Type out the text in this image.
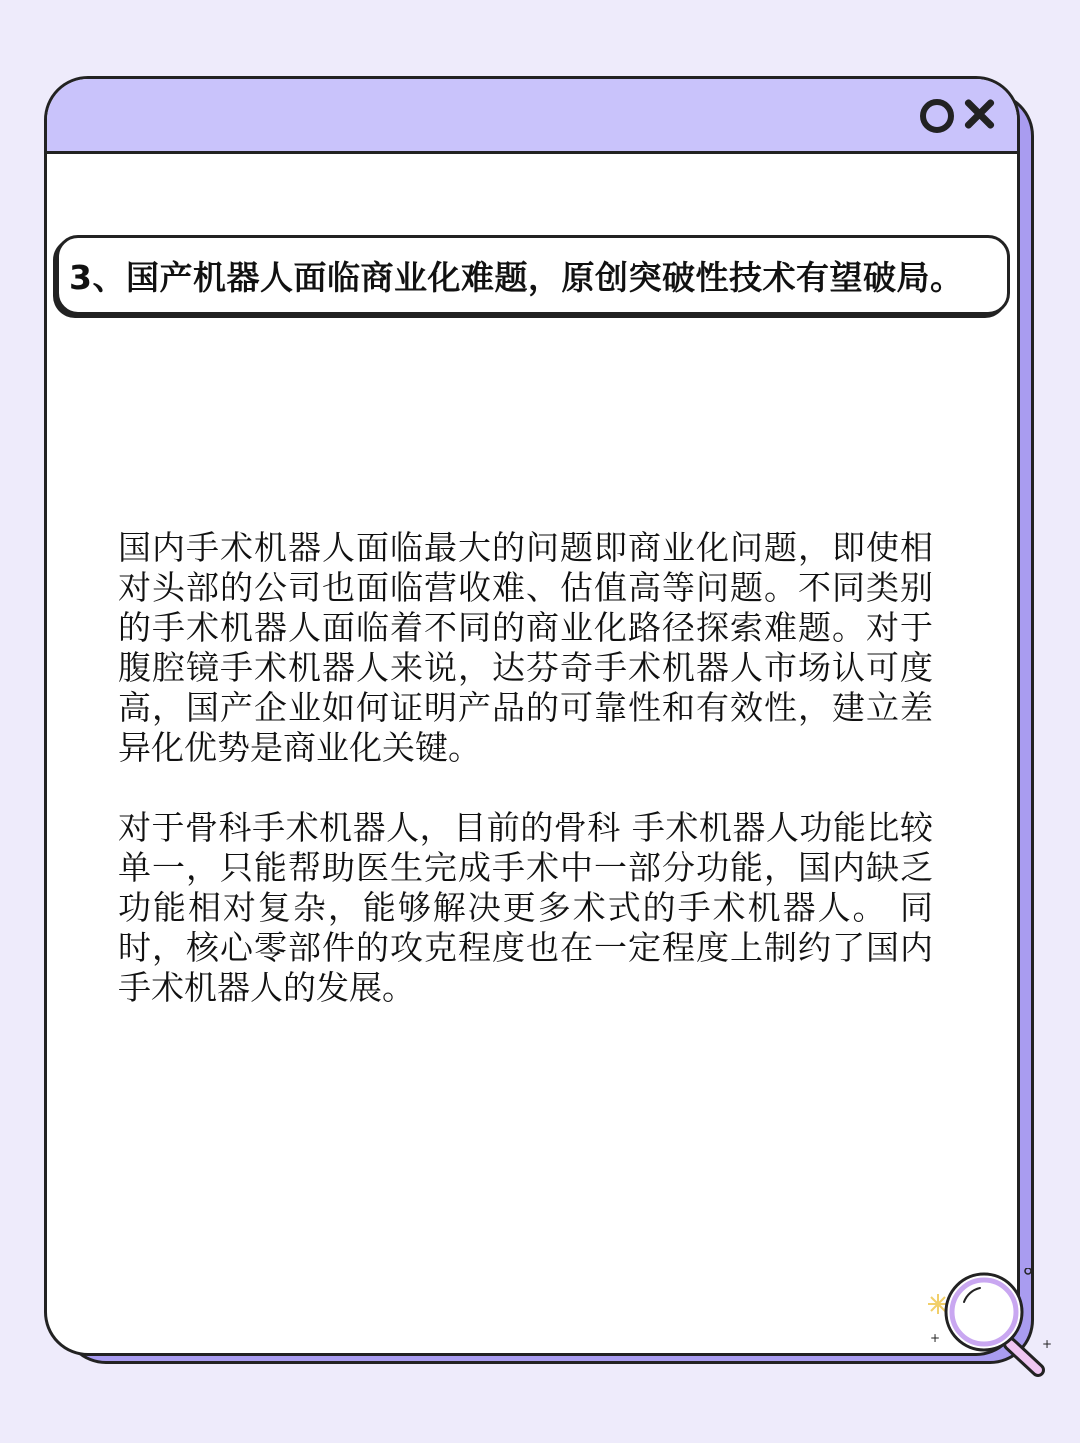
3、国产机器人面临商业化难题，原创突破性技术有望破局。

国内手术机器人面临最大的问题即商业化问题，即使相对头部的公司也面临营收难、估值高等问题。不同类别的手术机器人面临着不同的商业化路径探索难题。对于腹腔镜手术机器人来说，达芬奇手术机器人市场认可度高，国产企业如何证明产品的可靠性和有效性，建立差异化优势是商业化关键。

对于骨科手术机器人，目前的骨科 手术机器人功能比较单一，只能帮助医生完成手术中一部分功能，国内缺乏功能相对复杂，能够解决更多术式的手术机器人。 同时，核心零部件的攻克程度也在一定程度上制约了国内手术机器人的发展。

+	+
